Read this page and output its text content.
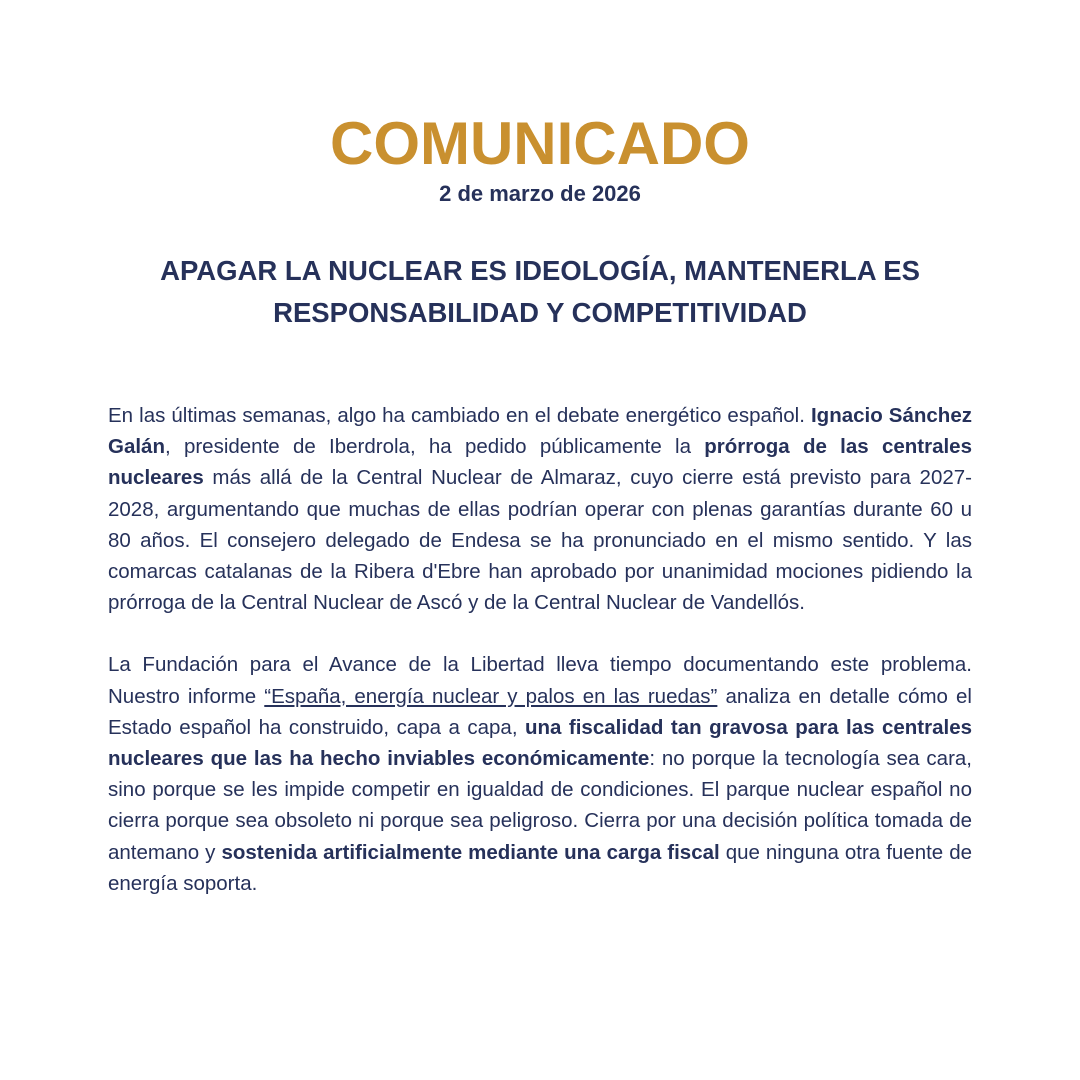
COMUNICADO
2 de marzo de 2026
APAGAR LA NUCLEAR ES IDEOLOGÍA, MANTENERLA ES
RESPONSABILIDAD Y COMPETITIVIDAD

En las últimas semanas, algo ha cambiado en el debate energético español. Ignacio Sánchez Galán, presidente de Iberdrola, ha pedido públicamente la prórroga de las centrales nucleares más allá de la Central Nuclear de Almaraz, cuyo cierre está previsto para 2027-2028, argumentando que muchas de ellas podrían operar con plenas garantías durante 60 u 80 años. El consejero delegado de Endesa se ha pronunciado en el mismo sentido. Y las comarcas catalanas de la Ribera d'Ebre han aprobado por unanimidad mociones pidiendo la prórroga de la Central Nuclear de Ascó y de la Central Nuclear de Vandellós.

La Fundación para el Avance de la Libertad lleva tiempo documentando este problema. Nuestro informe “España, energía nuclear y palos en las ruedas” analiza en detalle cómo el Estado español ha construido, capa a capa, una fiscalidad tan gravosa para las centrales nucleares que las ha hecho inviables económicamente: no porque la tecnología sea cara, sino porque se les impide competir en igualdad de condiciones. El parque nuclear español no cierra porque sea obsoleto ni porque sea peligroso. Cierra por una decisión política tomada de antemano y sostenida artificialmente mediante una carga fiscal que ninguna otra fuente de energía soporta.
